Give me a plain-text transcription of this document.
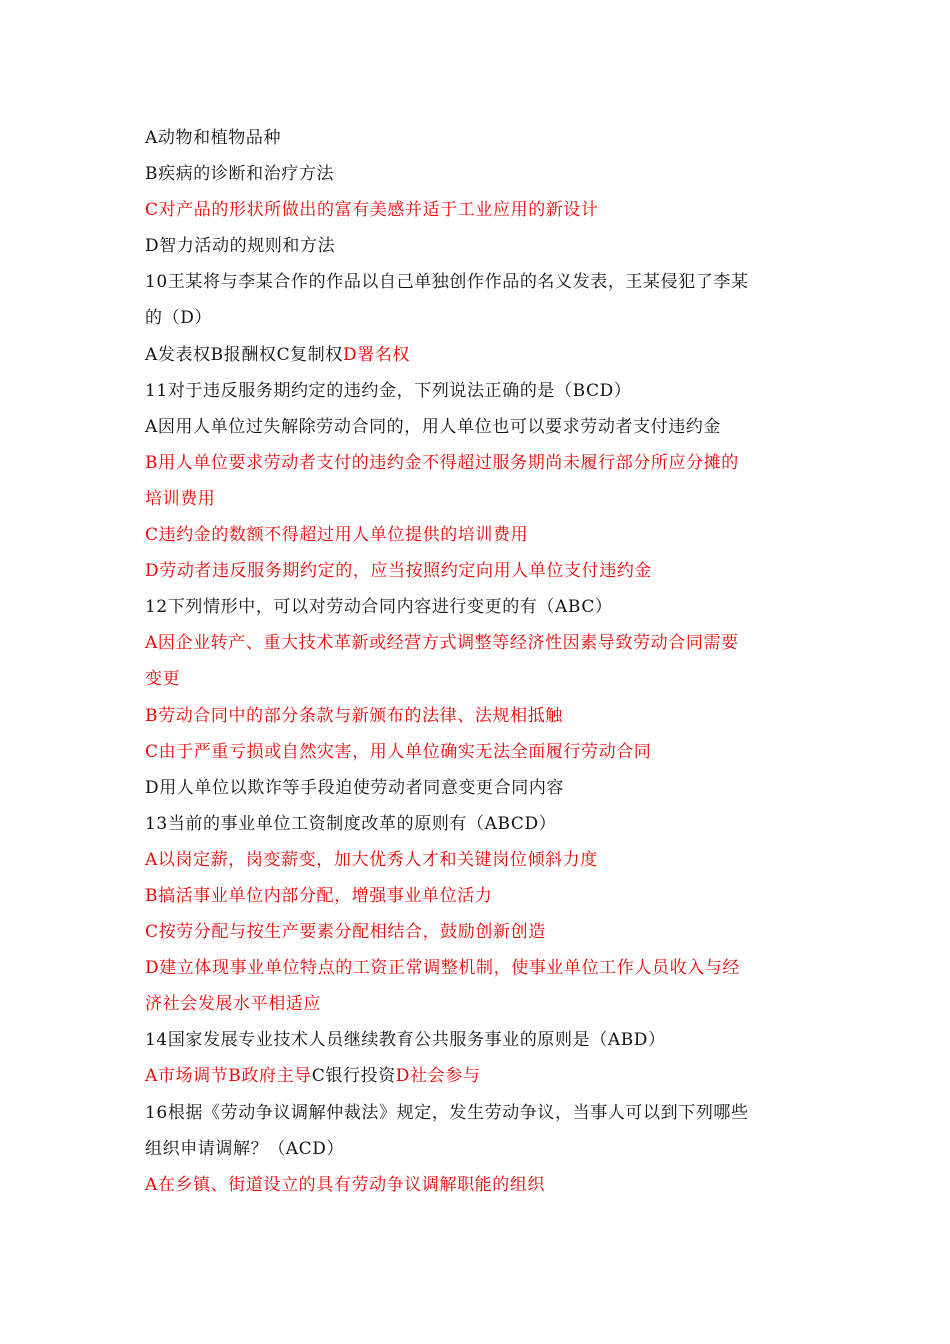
A动物和植物品种
B疾病的诊断和治疗方法
C对产品的形状所做出的富有美感并适于工业应用的新设计
D智力活动的规则和方法
10王某将与李某合作的作品以自己单独创作作品的名义发表，王某侵犯了李某
的（D）
A发表权B报酬权C复制权D署名权
11对于违反服务期约定的违约金，下列说法正确的是（BCD）
A因用人单位过失解除劳动合同的，用人单位也可以要求劳动者支付违约金
B用人单位要求劳动者支付的违约金不得超过服务期尚未履行部分所应分摊的
培训费用
C违约金的数额不得超过用人单位提供的培训费用
D劳动者违反服务期约定的，应当按照约定向用人单位支付违约金
12下列情形中，可以对劳动合同内容进行变更的有（ABC）
A因企业转产、重大技术革新或经营方式调整等经济性因素导致劳动合同需要
变更
B劳动合同中的部分条款与新颁布的法律、法规相抵触
C由于严重亏损或自然灾害，用人单位确实无法全面履行劳动合同
D用人单位以欺诈等手段迫使劳动者同意变更合同内容
13当前的事业单位工资制度改革的原则有（ABCD）
A以岗定薪，岗变薪变，加大优秀人才和关键岗位倾斜力度
B搞活事业单位内部分配，增强事业单位活力
C按劳分配与按生产要素分配相结合，鼓励创新创造
D建立体现事业单位特点的工资正常调整机制，使事业单位工作人员收入与经
济社会发展水平相适应
14国家发展专业技术人员继续教育公共服务事业的原则是（ABD）
A市场调节B政府主导C银行投资D社会参与
16根据《劳动争议调解仲裁法》规定，发生劳动争议，当事人可以到下列哪些
组织申请调解？（ACD）
A在乡镇、街道设立的具有劳动争议调解职能的组织
